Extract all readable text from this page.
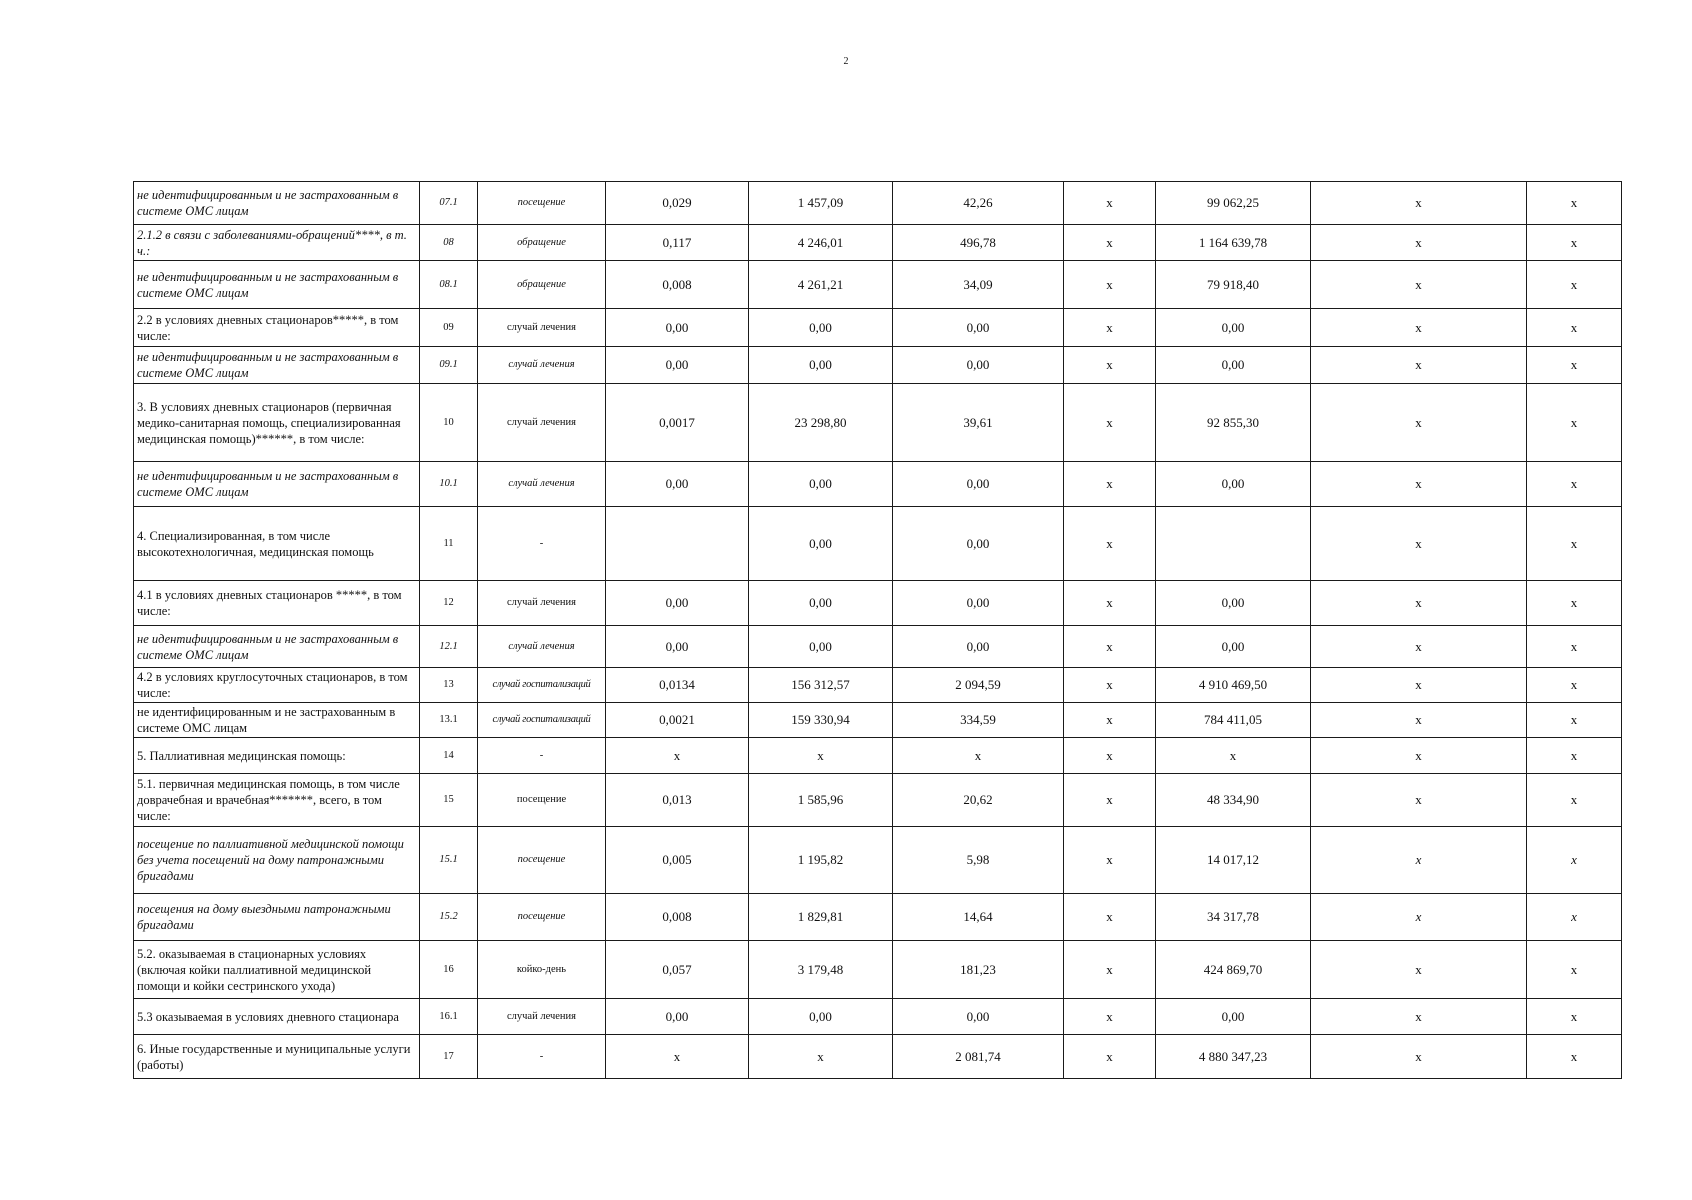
2
не идентифицированным и не застрахованным в системе ОМС лицам	07.1	посещение	0,029	1 457,09	42,26	х	99 062,25	х	х
2.1.2 в связи с заболеваниями-обращений****, в т. ч.:	08	обращение	0,117	4 246,01	496,78	х	1 164 639,78	х	х
не идентифицированным и не застрахованным в системе ОМС лицам	08.1	обращение	0,008	4 261,21	34,09	х	79 918,40	х	х
2.2 в условиях дневных стационаров*****, в том числе:	09	случай лечения	0,00	0,00	0,00	х	0,00	х	х
не идентифицированным и не застрахованным в системе ОМС лицам	09.1	случай лечения	0,00	0,00	0,00	х	0,00	х	х
3. В условиях дневных стационаров (первичная медико-санитарная помощь, специализированная медицинская помощь)******, в том числе:	10	случай лечения	0,0017	23 298,80	39,61	х	92 855,30	х	х
не идентифицированным и не застрахованным в системе ОМС лицам	10.1	случай лечения	0,00	0,00	0,00	х	0,00	х	х
4. Специализированная, в том числе высокотехнологичная, медицинская помощь	11	-		0,00	0,00	х		х	х
4.1 в условиях дневных стационаров *****, в том числе:	12	случай лечения	0,00	0,00	0,00	х	0,00	х	х
не идентифицированным и не застрахованным в системе ОМС лицам	12.1	случай лечения	0,00	0,00	0,00	х	0,00	х	х
4.2 в условиях круглосуточных стационаров, в том числе:	13	случай госпитализаций	0,0134	156 312,57	2 094,59	х	4 910 469,50	х	х
не идентифицированным и не застрахованным в системе ОМС лицам	13.1	случай госпитализаций	0,0021	159 330,94	334,59	х	784 411,05	х	х
5. Паллиативная медицинская помощь:	14	-	х	х	х	х	х	х	х
5.1. первичная медицинская помощь, в том числе доврачебная и врачебная*******, всего, в том числе:	15	посещение	0,013	1 585,96	20,62	х	48 334,90	х	х
посещение по паллиативной медицинской помощи без учета посещений на дому патронажными бригадами	15.1	посещение	0,005	1 195,82	5,98	х	14 017,12	х	х
посещения на дому выездными патронажными бригадами	15.2	посещение	0,008	1 829,81	14,64	х	34 317,78	х	х
5.2. оказываемая в стационарных условиях (включая койки паллиативной медицинской помощи и койки сестринского ухода)	16	койко-день	0,057	3 179,48	181,23	х	424 869,70	х	х
5.3 оказываемая в условиях дневного стационара	16.1	случай лечения	0,00	0,00	0,00	х	0,00	х	х
6. Иные государственные и муниципальные услуги (работы)	17	-	х	х	2 081,74	х	4 880 347,23	х	х
